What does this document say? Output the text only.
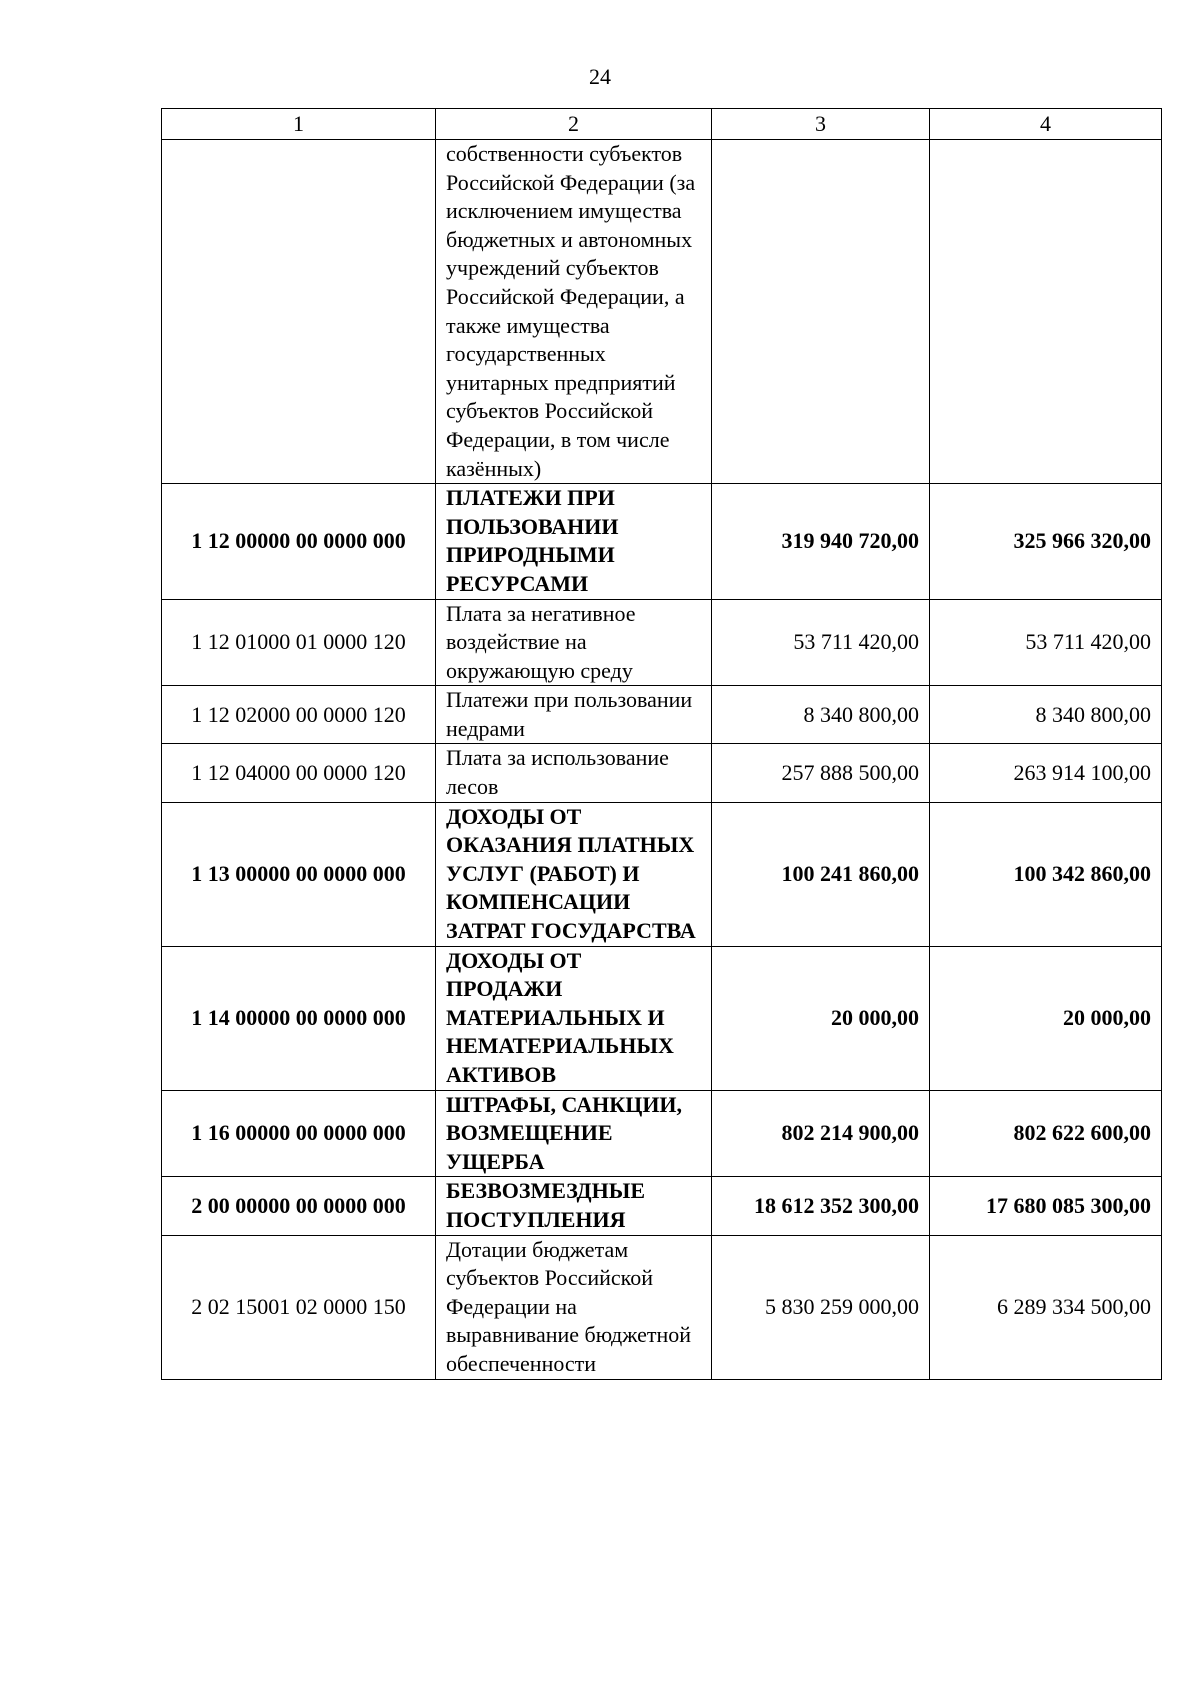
24
1	2	3	4
	собственности субъектов Российской Федерации (за исключением имущества бюджетных и автономных учреждений субъектов Российской Федерации, а также имущества государственных унитарных предприятий субъектов Российской Федерации, в том числе казённых)		
1 12 00000 00 0000 000	ПЛАТЕЖИ ПРИ ПОЛЬЗОВАНИИ ПРИРОДНЫМИ РЕСУРСАМИ	319 940 720,00	325 966 320,00
1 12 01000 01 0000 120	Плата за негативное воздействие на окружающую среду	53 711 420,00	53 711 420,00
1 12 02000 00 0000 120	Платежи при пользовании недрами	8 340 800,00	8 340 800,00
1 12 04000 00 0000 120	Плата за использование лесов	257 888 500,00	263 914 100,00
1 13 00000 00 0000 000	ДОХОДЫ ОТ ОКАЗАНИЯ ПЛАТНЫХ УСЛУГ (РАБОТ) И КОМПЕНСАЦИИ ЗАТРАТ ГОСУДАРСТВА	100 241 860,00	100 342 860,00
1 14 00000 00 0000 000	ДОХОДЫ ОТ ПРОДАЖИ МАТЕРИАЛЬНЫХ И НЕМАТЕРИАЛЬНЫХ АКТИВОВ	20 000,00	20 000,00
1 16 00000 00 0000 000	ШТРАФЫ, САНКЦИИ, ВОЗМЕЩЕНИЕ УЩЕРБА	802 214 900,00	802 622 600,00
2 00 00000 00 0000 000	БЕЗВОЗМЕЗДНЫЕ ПОСТУПЛЕНИЯ	18 612 352 300,00	17 680 085 300,00
2 02 15001 02 0000 150	Дотации бюджетам субъектов Российской Федерации на выравнивание бюджетной обеспеченности	5 830 259 000,00	6 289 334 500,00
